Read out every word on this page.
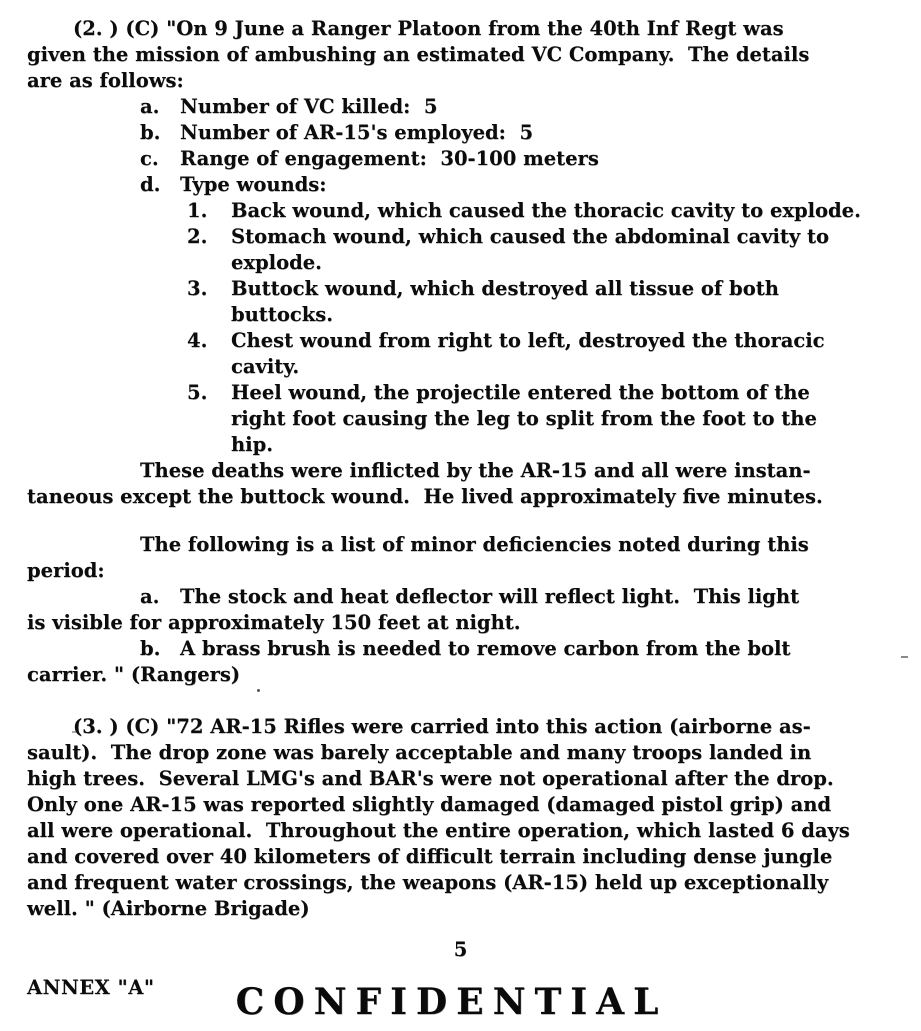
(2. ) (C) "On 9 June a Ranger Platoon from the 40th Inf Regt was
given the mission of ambushing an estimated VC Company.  The details
are as follows:
a. Number of VC killed:  5
b. Number of AR-15's employed:  5
c. Range of engagement:  30-100 meters
d. Type wounds:
1. Back wound, which caused the thoracic cavity to explode.
2. Stomach wound, which caused the abdominal cavity to
explode.
3. Buttock wound, which destroyed all tissue of both
buttocks.
4. Chest wound from right to left, destroyed the thoracic
cavity.
5. Heel wound, the projectile entered the bottom of the
right foot causing the leg to split from the foot to the
hip.
These deaths were inflicted by the AR-15 and all were instan-
taneous except the buttock wound.  He lived approximately five minutes.
The following is a list of minor deficiencies noted during this
period:
a. The stock and heat deflector will reflect light.  This light
is visible for approximately 150 feet at night.
b. A brass brush is needed to remove carbon from the bolt
carrier. " (Rangers)
(3. ) (C) "72 AR-15 Rifles were carried into this action (airborne as-
sault).  The drop zone was barely acceptable and many troops landed in
high trees.  Several LMG's and BAR's were not operational after the drop.
Only one AR-15 was reported slightly damaged (damaged pistol grip) and
all were operational.  Throughout the entire operation, which lasted 6 days
and covered over 40 kilometers of difficult terrain including dense jungle
and frequent water crossings, the weapons (AR-15) held up exceptionally
well. " (Airborne Brigade)
5
ANNEX "A"	CONFIDENTIAL
